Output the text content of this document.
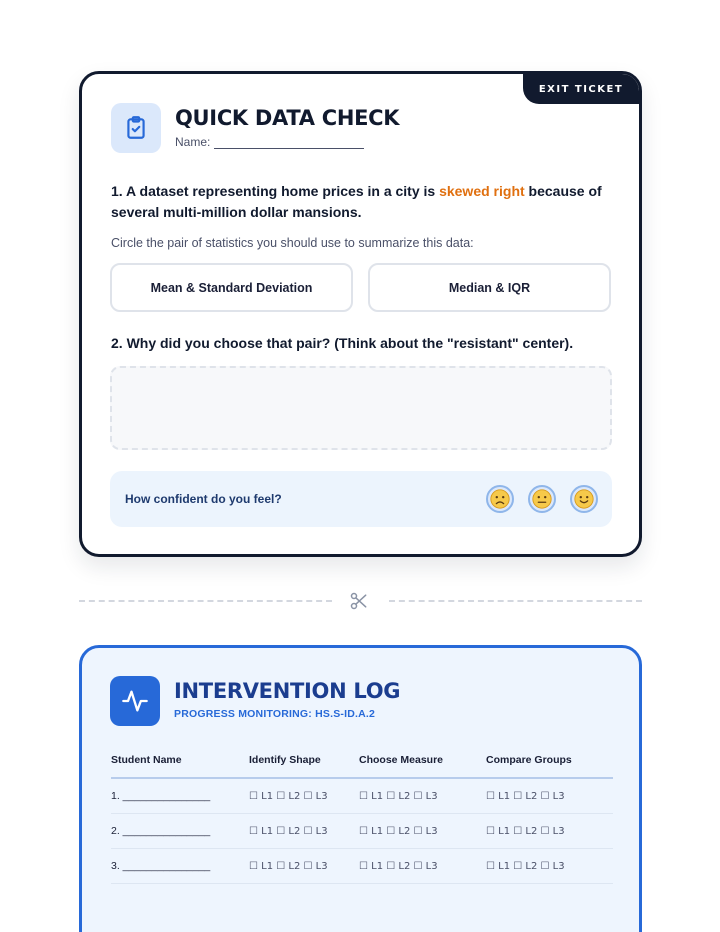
EXIT TICKET
QUICK DATA CHECK
Name:
1. A dataset representing home prices in a city is skewed right because of several multi-million dollar mansions.
Circle the pair of statistics you should use to summarize this data:
Mean & Standard Deviation	Median & IQR
2. Why did you choose that pair? (Think about the "resistant" center).
How confident do you feel?
INTERVENTION LOG
PROGRESS MONITORING: HS.S-ID.A.2
Student Name	Identify Shape	Choose Measure	Compare Groups
1. _______________	☐ L1 ☐ L2 ☐ L3	☐ L1 ☐ L2 ☐ L3	☐ L1 ☐ L2 ☐ L3
2. _______________	☐ L1 ☐ L2 ☐ L3	☐ L1 ☐ L2 ☐ L3	☐ L1 ☐ L2 ☐ L3
3. _______________	☐ L1 ☐ L2 ☐ L3	☐ L1 ☐ L2 ☐ L3	☐ L1 ☐ L2 ☐ L3
